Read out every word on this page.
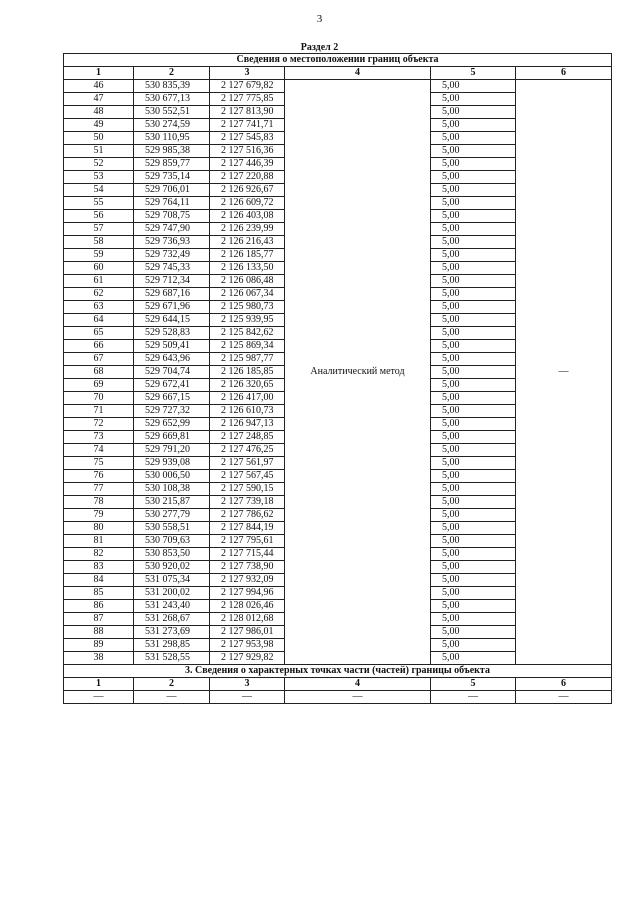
3
Раздел 2
Сведения о местоположении границ объекта					
1	2	3	4	5	6
46	530 835,39	2 127 679,82	Аналитический метод	5,00	—
47	530 677,13	2 127 775,85		5,00	
48	530 552,51	2 127 813,90		5,00	
49	530 274,59	2 127 741,71		5,00	
50	530 110,95	2 127 545,83		5,00	
51	529 985,38	2 127 516,36		5,00	
52	529 859,77	2 127 446,39		5,00	
53	529 735,14	2 127 220,88		5,00	
54	529 706,01	2 126 926,67		5,00	
55	529 764,11	2 126 609,72		5,00	
56	529 708,75	2 126 403,08		5,00	
57	529 747,90	2 126 239,99		5,00	
58	529 736,93	2 126 216,43		5,00	
59	529 732,49	2 126 185,77		5,00	
60	529 745,33	2 126 133,50		5,00	
61	529 712,34	2 126 086,48		5,00	
62	529 687,16	2 126 067,34		5,00	
63	529 671,96	2 125 980,73		5,00	
64	529 644,15	2 125 939,95		5,00	
65	529 528,83	2 125 842,62		5,00	
66	529 509,41	2 125 869,34		5,00	
67	529 643,96	2 125 987,77		5,00	
68	529 704,74	2 126 185,85		5,00	
69	529 672,41	2 126 320,65		5,00	
70	529 667,15	2 126 417,00		5,00	
71	529 727,32	2 126 610,73		5,00	
72	529 652,99	2 126 947,13		5,00	
73	529 669,81	2 127 248,85		5,00	
74	529 791,20	2 127 476,25		5,00	
75	529 939,08	2 127 561,97		5,00	
76	530 006,50	2 127 567,45		5,00	
77	530 108,38	2 127 590,15		5,00	
78	530 215,87	2 127 739,18		5,00	
79	530 277,79	2 127 786,62		5,00	
80	530 558,51	2 127 844,19		5,00	
81	530 709,63	2 127 795,61		5,00	
82	530 853,50	2 127 715,44		5,00	
83	530 920,02	2 127 738,90		5,00	
84	531 075,34	2 127 932,09		5,00	
85	531 200,02	2 127 994,96		5,00	
86	531 243,40	2 128 026,46		5,00	
87	531 268,67	2 128 012,68		5,00	
88	531 273,69	2 127 986,01		5,00	
89	531 298,85	2 127 953,98		5,00	
38	531 528,55	2 127 929,82		5,00	
3. Сведения о характерных точках части (частей) границы объекта					
1	2	3	4	5	6
—	—	—	—	—	—
